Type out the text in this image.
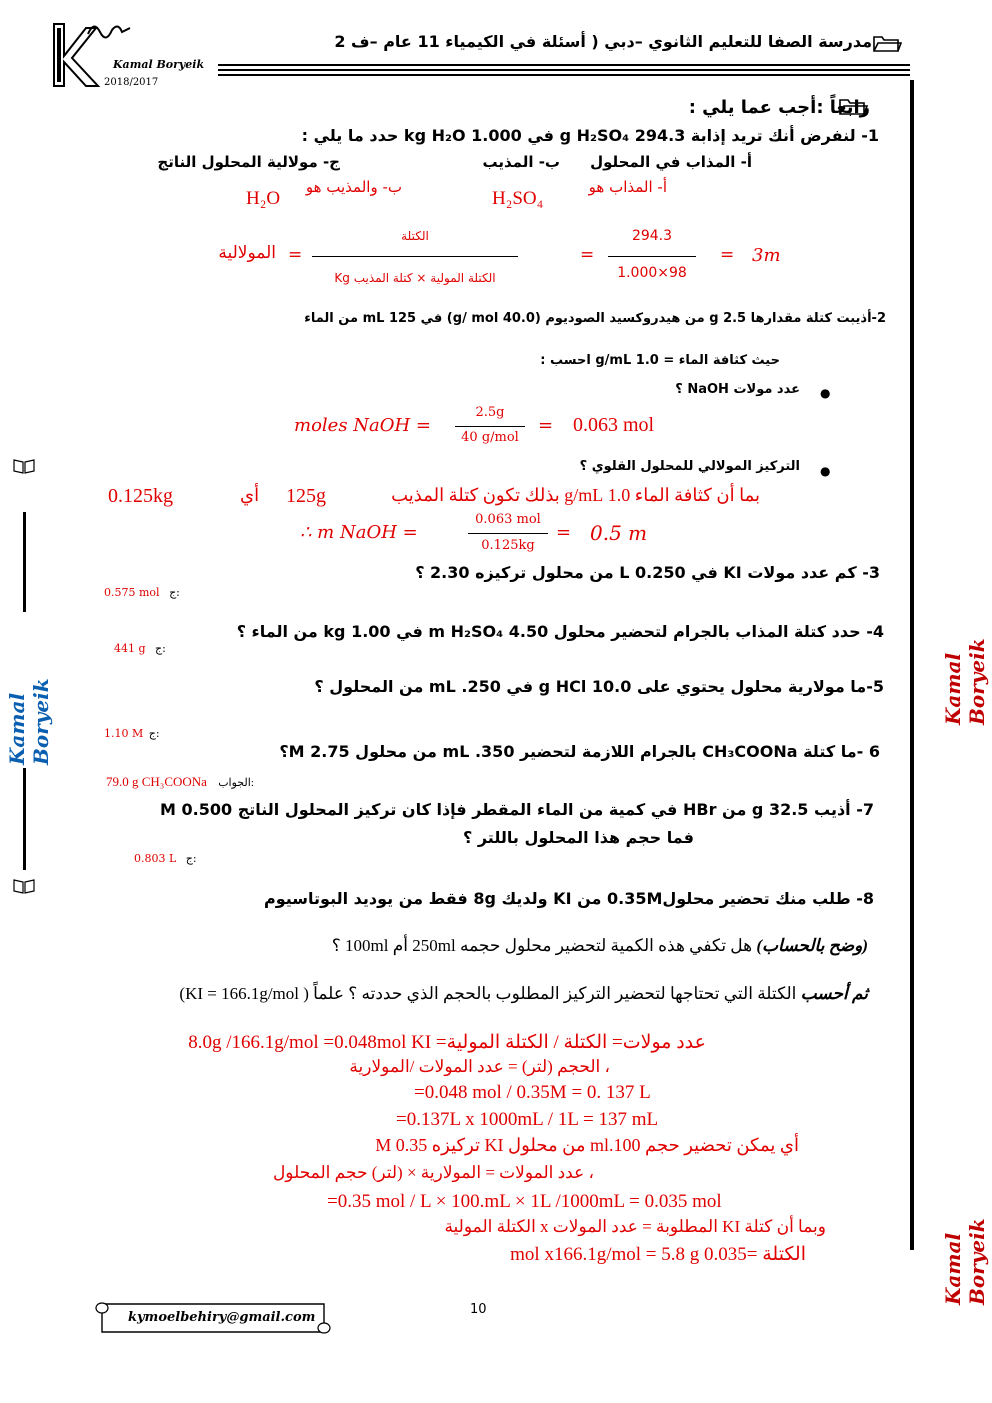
Kamal Boryeik
2018/2017
مدرسة الصفا للتعليم الثانوي –دبي ( أسئلة في الكيمياء 11 عام –ف 2
رابعاً :أجب عما يلي :
1- لنفرض أنك تريد إذابة 294.3 g H₂SO₄ في 1.000 kg H₂O حدد ما يلي :
أ- المذاب في المحلول
ب- المذيب
ج- مولالية المحلول الناتج
أ- المذاب هو
H₂SO₄
ب- والمذيب هو
H₂O
المولالية =
الكتلة
الكتلة المولية × كتلة المذيب Kg
=
294.3
1.000×98
= 3m
2-أذيبت كتلة مقدارها 2.5 g من هيدروكسيد الصوديوم (40.0 g/ mol) في 125 mL من الماء
حيث كثافة الماء = 1.0 g/mL احسب :
●
عدد مولات NaOH ؟
moles NaOH =
2.5g
40 g/mol
= 0.063 mol
●
التركيز المولالي للمحلول القلوي ؟
بما أن كثافة الماء 1.0 g/mL بذلك تكون كتلة المذيب
125g
أي
0.125kg
∴ m NaOH =
0.063 mol
0.125kg
= 0.5 m
3- كم عدد مولات KI في 0.250 L من محلول تركيزه 2.30 ؟
0.575 mol ج:
4- حدد كتلة المذاب بالجرام لتحضير محلول 4.50 m H₂SO₄ في 1.00 kg من الماء ؟
441 g ج:
5-ما مولارية محلول يحتوي على 10.0 g HCl في 250. mL من المحلول ؟
1.10 M ج:
6 -ما كتلة CH₃COONa بالجرام اللازمة لتحضير 350. mL من محلول 2.75 M؟
79.0 g CH₃COONa الجواب:
7- أذيب 32.5 g من HBr في كمية من الماء المقطر فإذا كان تركيز المحلول الناتج 0.500 M
فما حجم هذا المحلول باللتر ؟
0.803 L ج:
8- طلب منك تحضير محلول0.35M من KI ولديك 8g فقط من يوديد البوتاسيوم
(وضح بالحساب) هل تكفي هذه الكمية لتحضير محلول حجمه 250ml أم 100ml ؟
ثم أحسب الكتلة التي تحتاجها لتحضير التركيز المطلوب بالحجم الذي حددته ؟ علماً ( KI = 166.1g/mol)
عدد مولات= الكتلة / الكتلة المولية= 8.0g /166.1g/mol =0.048mol KI
، الحجم (لتر) = عدد المولات /المولارية
=0.048 mol / 0.35M = 0. 137 L
=0.137L x 1000mL / 1L = 137 mL
أي يمكن تحضير حجم 100.ml من محلول KI تركيزه 0.35 M
، عدد المولات = المولارية × (لتر) حجم المحلول
=0.35 mol / L × 100.mL × 1L /1000mL = 0.035 mol
وبما أن كتلة KI المطلوبة = عدد المولات x الكتلة المولية
الكتلة =0.035 mol x166.1g/mol = 5.8 g
kymoelbehiry@gmail.com
10
Kamal Boryeik	Kamal Boryeik
Kamal Boryeik
